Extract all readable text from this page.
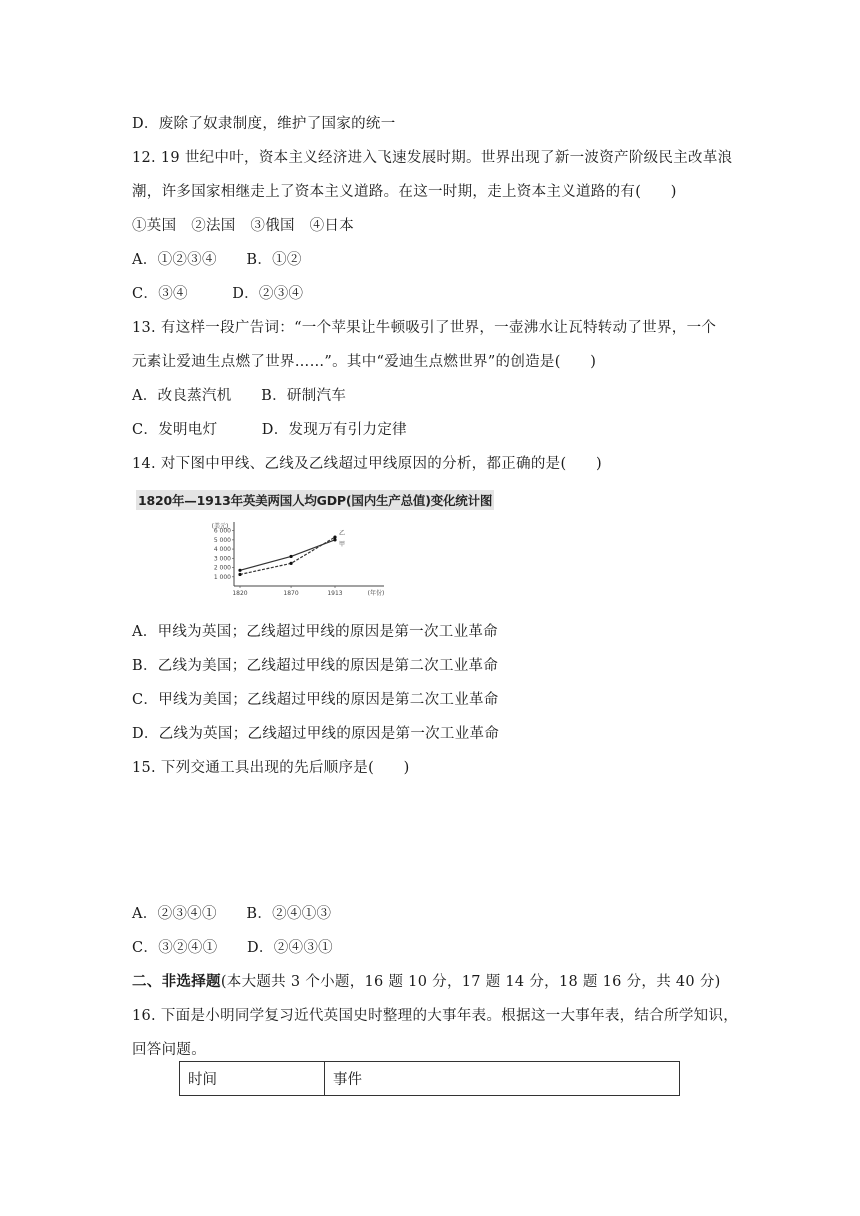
D．废除了奴隶制度，维护了国家的统一
12. 19 世纪中叶，资本主义经济进入飞速发展时期。世界出现了新一波资产阶级民主改革浪
潮，许多国家相继走上了资本主义道路。在这一时期，走上资本主义道路的有(　　)
①英国　②法国　③俄国　④日本
A．①②③④　　B．①②
C．③④　　　D．②③④
13. 有这样一段广告词：“一个苹果让牛顿吸引了世界，一壶沸水让瓦特转动了世界，一个
元素让爱迪生点燃了世界……”。其中“爱迪生点燃世界”的创造是(　　)
A．改良蒸汽机　　B．研制汽车
C．发明电灯　　　D．发现万有引力定律
14. 对下图中甲线、乙线及乙线超过甲线原因的分析，都正确的是(　　)
1820年—1913年英美两国人均GDP(国内生产总值)变化统计图
1 000
2 000
3 000
4 000
5 000
6 000
(美元)
1820	1870	1913	(年份)
甲
乙
A．甲线为英国；乙线超过甲线的原因是第一次工业革命
B．乙线为美国；乙线超过甲线的原因是第二次工业革命
C．甲线为美国；乙线超过甲线的原因是第二次工业革命
D．乙线为英国；乙线超过甲线的原因是第一次工业革命
15. 下列交通工具出现的先后顺序是(　　)
A．②③④①　　B．②④①③
C．③②④①　　D．②④③①
二、非选择题(本大题共 3 个小题，16 题 10 分，17 题 14 分，18 题 16 分，共 40 分)
16. 下面是小明同学复习近代英国史时整理的大事年表。根据这一大事年表，结合所学知识，
回答问题。
时间	事件
